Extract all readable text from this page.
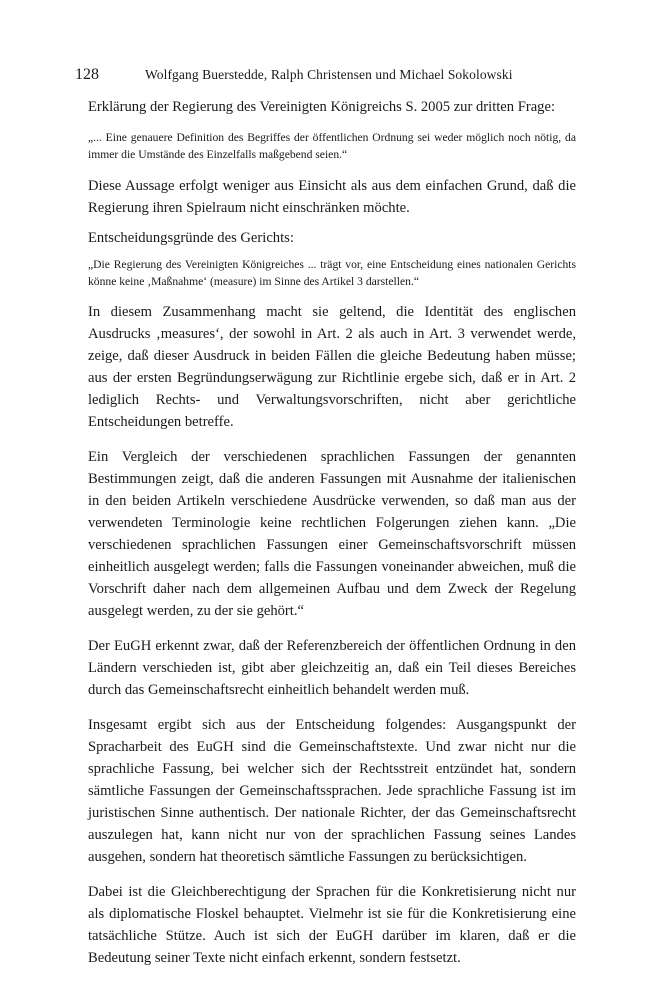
128	Wolfgang Buerstedde, Ralph Christensen und Michael Sokolowski

Erklärung der Regierung des Vereinigten Königreichs S. 2005 zur dritten Frage:

„... Eine genauere Definition des Begriffes der öffentlichen Ordnung sei weder möglich noch nötig, da immer die Umstände des Einzelfalls maßgebend seien.“

Diese Aussage erfolgt weniger aus Einsicht als aus dem einfachen Grund, daß die Regierung ihren Spielraum nicht einschränken möchte.

Entscheidungsgründe des Gerichts:

„Die Regierung des Vereinigten Königreiches ... trägt vor, eine Entscheidung eines nationalen Gerichts könne keine ‚Maßnahme‘ (measure) im Sinne des Artikel 3 darstellen.“

In diesem Zusammenhang macht sie geltend, die Identität des englischen Ausdrucks ‚measures‘, der sowohl in Art. 2 als auch in Art. 3 verwendet werde, zeige, daß dieser Ausdruck in beiden Fällen die gleiche Bedeutung haben müsse; aus der ersten Begründungserwägung zur Richtlinie ergebe sich, daß er in Art. 2 lediglich Rechts- und Verwaltungsvorschriften, nicht aber gerichtliche Entscheidungen betreffe.

Ein Vergleich der verschiedenen sprachlichen Fassungen der genannten Bestimmungen zeigt, daß die anderen Fassungen mit Ausnahme der italienischen in den beiden Artikeln verschiedene Ausdrücke verwenden, so daß man aus der verwendeten Terminologie keine rechtlichen Folgerungen ziehen kann. „Die verschiedenen sprachlichen Fassungen einer Gemeinschaftsvorschrift müssen einheitlich ausgelegt werden; falls die Fassungen voneinander abweichen, muß die Vorschrift daher nach dem allgemeinen Aufbau und dem Zweck der Regelung ausgelegt werden, zu der sie gehört.“

Der EuGH erkennt zwar, daß der Referenzbereich der öffentlichen Ordnung in den Ländern verschieden ist, gibt aber gleichzeitig an, daß ein Teil dieses Bereiches durch das Gemeinschaftsrecht einheitlich behandelt werden muß.

Insgesamt ergibt sich aus der Entscheidung folgendes: Ausgangspunkt der Spracharbeit des EuGH sind die Gemeinschaftstexte. Und zwar nicht nur die sprachliche Fassung, bei welcher sich der Rechtsstreit entzündet hat, sondern sämtliche Fassungen der Gemeinschaftssprachen. Jede sprachliche Fassung ist im juristischen Sinne authentisch. Der nationale Richter, der das Gemeinschaftsrecht auszulegen hat, kann nicht nur von der sprachlichen Fassung seines Landes ausgehen, sondern hat theoretisch sämtliche Fassungen zu berücksichtigen.

Dabei ist die Gleichberechtigung der Sprachen für die Konkretisierung nicht nur als diplomatische Floskel behauptet. Vielmehr ist sie für die Konkretisierung eine tatsächliche Stütze. Auch ist sich der EuGH darüber im klaren, daß er die Bedeutung seiner Texte nicht einfach erkennt, sondern festsetzt.
